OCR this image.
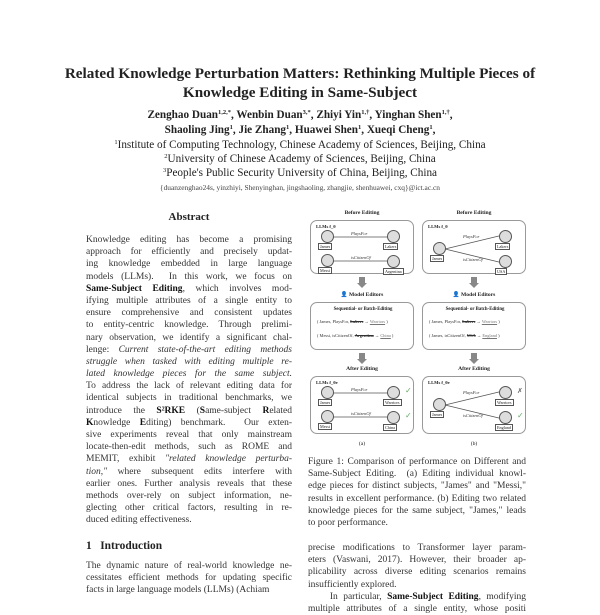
Related Knowledge Perturbation Matters: Rethinking Multiple Pieces of
Knowledge Editing in Same-Subject
Zenghao Duan$^{1,2,*}$, Wenbin Duan$^{3,*}$, Zhiyi Yin$^{1,\dagger}$, Yinghan Shen$^{1,\dagger}$,
Shaoling Jing$^1$, Jie Zhang$^1$, Huawei Shen$^1$, Xueqi Cheng$^1$,
$^1$Institute of Computing Technology, Chinese Academy of Sciences, Beijing, China
$^2$University of Chinese Academy of Sciences, Beijing, China
$^3$People's Public Security University of China, Beijing, China
{duanzenghao24s, yinzhiyi, Shenyinghan, jingshaoling, zhangjie, shenhuawei, cxq}@ict.ac.cn
Abstract
Knowledge editing has become a promising
approach for efficiently and precisely updat-
ing knowledge embedded in large language
models (LLMs).  In this work, we focus on
Same-Subject Editing, which involves mod-
ifying multiple attributes of a single entity to
ensure comprehensive and consistent updates
to entity-centric knowledge. Through prelimi-
nary observation, we identify a significant chal-
lenge: Current state-of-the-art editing methods
struggle when tasked with editing multiple re-
lated knowledge pieces for the same subject.
To address the lack of relevant editing data for
identical subjects in traditional benchmarks, we
introduce the S²RKE (Same-subject Related
Knowledge Editing) benchmark.  Our exten-
sive experiments reveal that only mainstream
locate-then-edit methods, such as ROME and
MEMIT, exhibit "related knowledge perturba-
tion," where subsequent edits interfere with
earlier ones. Further analysis reveals that these
methods over-rely on subject information, ne-
glecting other critical factors, resulting in re-
duced editing effectiveness.
1 Introduction
The dynamic nature of real-world knowledge ne-
cessitates efficient methods for updating specific
facts in large language models (LLMs) (Achiam
Before Editing
LLMs f_θ
James
Messi
Lakers
Argentina
PlaysFor
isCitizenOf
After Editing
LLMs f_θe
James
Messi
Warriors
China
PlaysFor
isCitizenOf
✓
✓
👤 Model Editors
Sequential- or Batch-Editing
( James, PlaysFor, Lakers → Warriors )
( Messi, isCitizenOf, Argentina → China )
(a)
Before Editing
LLMs f_θ
James
Lakers
USA
PlaysFor
isCitizenOf
After Editing
LLMs f_θe
James
Warriors
England
PlaysFor
isCitizenOf
✗
✓
👤 Model Editors
Sequential- or Batch-Editing
( James, PlaysFor, Lakers → Warriors )
( James, isCitizenOf, USA → England )
(b)
Figure 1: Comparison of performance on Different and
Same-Subject Editing.  (a) Editing individual knowl-
edge pieces for distinct subjects, "James" and "Messi,"
results in excellent performance. (b) Editing two related
knowledge pieces for the same subject, "James," leads
to poor performance.
precise modifications to Transformer layer param-
eters (Vaswani, 2017). However, their broader ap-
plicability across diverse editing scenarios remains
insufficiently explored.
In particular, Same-Subject Editing, modifying
multiple attributes of a single entity, whose positi
